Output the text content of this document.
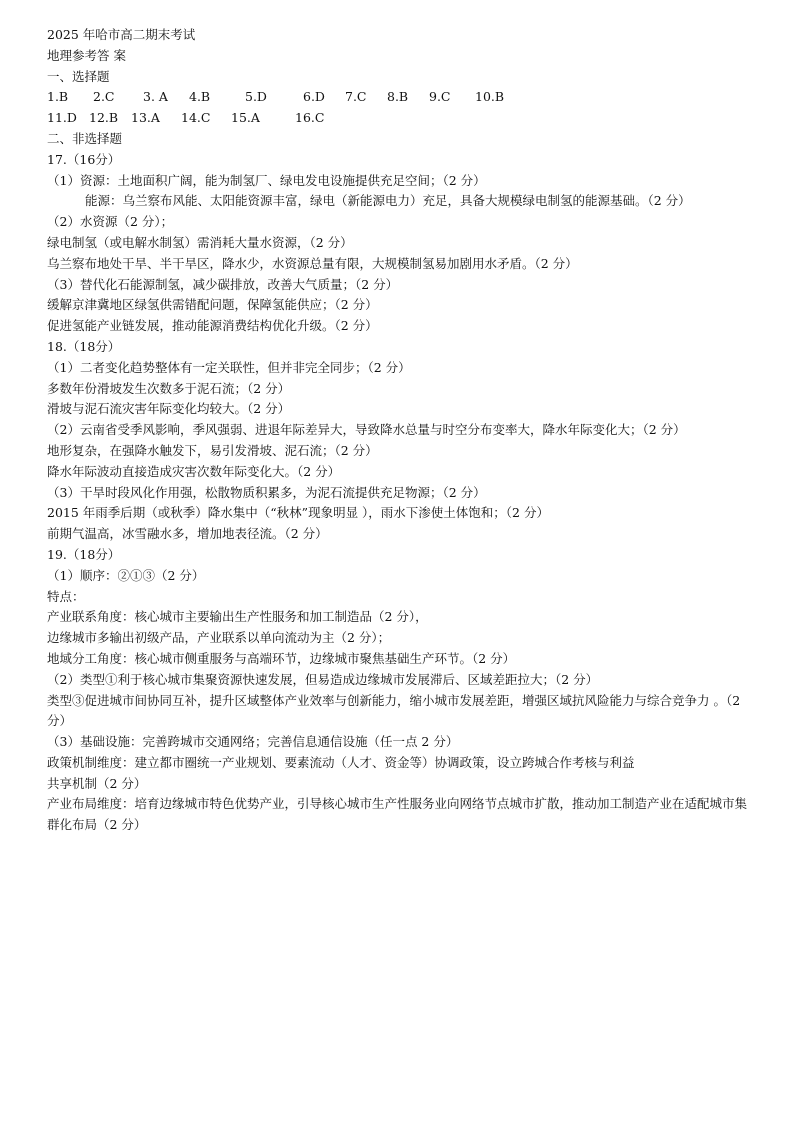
2025 年哈市高二期末考试
地理参考答 案
一、选择题
1.B 2.C 3. A 4.B	5.D	6.D 7.C 8.B 9.C 10.B
11.D 12.B 13.A 14.C 15.A	16.C
二、非选择题
17.（16分）
（1）资源：土地面积广阔，能为制氢厂、绿电发电设施提供充足空间；（2 分）
能源：乌兰察布风能、太阳能资源丰富，绿电（新能源电力）充足，具备大规模绿电制氢的能源基础。（2 分）
（2）水资源（2 分）；
绿电制氢（或电解水制氢）需消耗大量水资源，（2 分）
乌兰察布地处干旱、半干旱区，降水少，水资源总量有限，大规模制氢易加剧用水矛盾。（2 分）
（3）替代化石能源制氢，减少碳排放，改善大气质量；（2 分）
缓解京津冀地区绿氢供需错配问题，保障氢能供应；（2 分）
促进氢能产业链发展，推动能源消费结构优化升级。（2 分）
18.（18分）
（1）二者变化趋势整体有一定关联性，但并非完全同步；（2 分）
多数年份滑坡发生次数多于泥石流；（2 分）
滑坡与泥石流灾害年际变化均较大。（2 分）
（2）云南省受季风影响，季风强弱、进退年际差异大，导致降水总量与时空分布变率大，降水年际变化大；（2 分）
地形复杂，在强降水触发下，易引发滑坡、泥石流；（2 分）
降水年际波动直接造成灾害次数年际变化大。（2 分）
（3）干旱时段风化作用强，松散物质积累多，为泥石流提供充足物源；（2 分）
2015 年雨季后期（或秋季）降水集中（“秋林”现象明显 ），雨水下渗使土体饱和；（2 分）
前期气温高，冰雪融水多，增加地表径流。（2 分）
19.（18分）
（1）顺序：②①③（2 分）
特点：
产业联系角度：核心城市主要输出生产性服务和加工制造品（2 分），
边缘城市多输出初级产品，产业联系以单向流动为主（2 分）；
地域分工角度：核心城市侧重服务与高端环节，边缘城市聚焦基础生产环节。（2 分）
（2）类型①利于核心城市集聚资源快速发展，但易造成边缘城市发展滞后、区域差距拉大；（2 分）
类型③促进城市间协同互补，提升区域整体产业效率与创新能力，缩小城市发展差距，增强区域抗风险能力与综合竞争力 。（2 分）
（3）基础设施：完善跨城市交通网络；完善信息通信设施（任一点 2 分）
政策机制维度：建立都市圈统一产业规划、要素流动（人才、资金等）协调政策，设立跨城合作考核与利益
共享机制（2 分）
产业布局维度：培育边缘城市特色优势产业，引导核心城市生产性服务业向网络节点城市扩散，推动加工制造产业在适配城市集群化布局（2 分）
